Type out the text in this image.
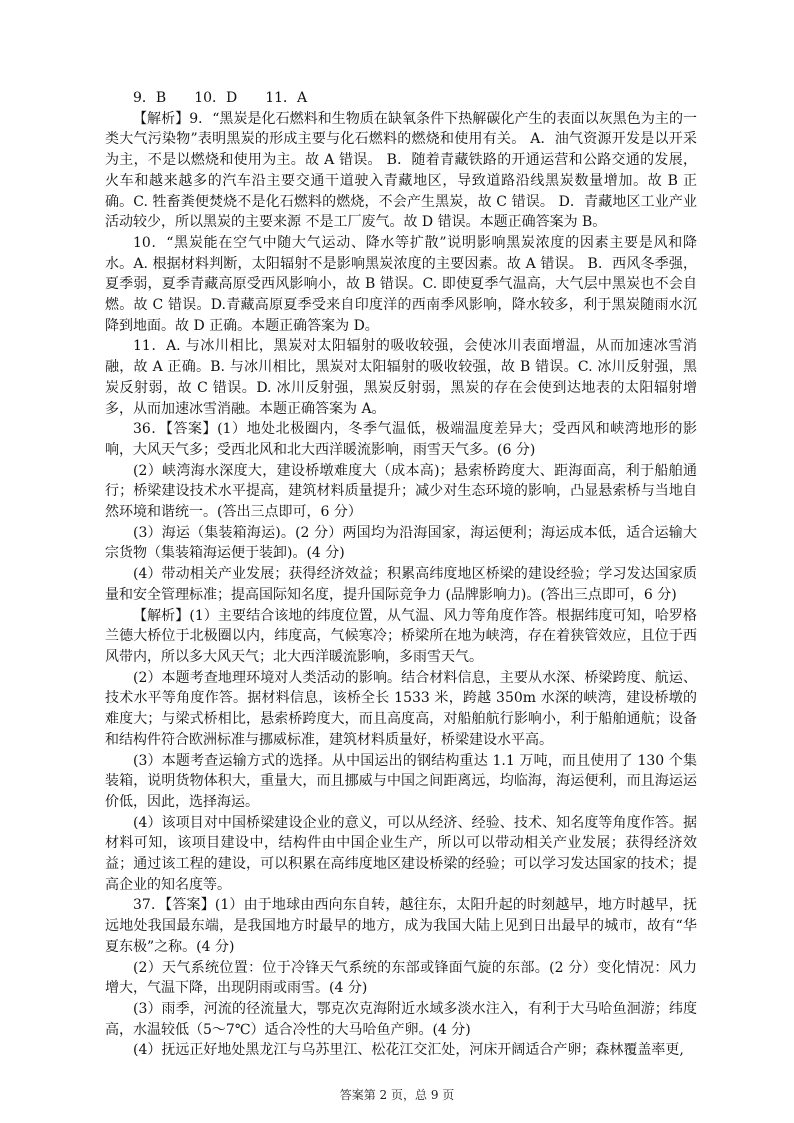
9．B　　10．D　　11．A

【解析】9．“黑炭是化石燃料和生物质在缺氧条件下热解碳化产生的表面以灰黑色为主的一类大气污染物”表明黑炭的形成主要与化石燃料的燃烧和使用有关。 A．油气资源开发是以开采为主，不是以燃烧和使用为主。故 A 错误。 B．随着青藏铁路的开通运营和公路交通的发展，火车和越来越多的汽车沿主要交通干道驶入青藏地区，导致道路沿线黑炭数量增加。故 B 正确。C. 牲畜粪便焚烧不是化石燃料的燃烧，不会产生黑炭，故 C 错误。 D．青藏地区工业产业活动较少，所以黑炭的主要来源 不是工厂废气。故 D 错误。本题正确答案为 B。

10．“黑炭能在空气中随大气运动、降水等扩散”说明影响黑炭浓度的因素主要是风和降水。A. 根据材料判断，太阳辐射不是影响黑炭浓度的主要因素。故 A 错误。 B．西风冬季强，夏季弱，夏季青藏高原受西风影响小，故 B 错误。C. 即使夏季气温高，大气层中黑炭也不会自燃。故 C 错误。D.青藏高原夏季受来自印度洋的西南季风影响，降水较多，利于黑炭随雨水沉降到地面。故 D 正确。本题正确答案为 D。

11．A. 与冰川相比，黑炭对太阳辐射的吸收较强，会使冰川表面增温，从而加速冰雪消融，故 A 正确。B. 与冰川相比，黑炭对太阳辐射的吸收较强，故 B 错误。C. 冰川反射强，黑炭反射弱，故 C 错误。D. 冰川反射强，黑炭反射弱，黑炭的存在会使到达地表的太阳辐射增多，从而加速冰雪消融。本题正确答案为 A。

36．【答案】(1）地处北极圈内，冬季气温低，极端温度差异大；受西风和峡湾地形的影响，大风天气多；受西北风和北大西洋暖流影响，雨雪天气多。(6 分)

(2）峡湾海水深度大，建设桥墩难度大（成本高)；悬索桥跨度大、距海面高，利于船舶通行；桥梁建设技术水平提高，建筑材料质量提升；减少对生态环境的影响，凸显悬索桥与当地自然环境和谐统一。(答出三点即可，6 分）

(3）海运（集装箱海运)。(2 分）两国均为沿海国家，海运便利；海运成本低，适合运输大宗货物（集装箱海运便于装卸)。(4 分)

(4）带动相关产业发展；获得经济效益；积累高纬度地区桥梁的建设经验；学习发达国家质量和安全管理标准；提高国际知名度，提升国际竞争力 (品牌影响力)。(答出三点即可，6 分)

【解析】(1）主要结合该地的纬度位置，从气温、风力等角度作答。根据纬度可知，哈罗格兰德大桥位于北极圈以内，纬度高，气候寒冷；桥梁所在地为峡湾，存在着狭管效应，且位于西风带内，所以多大风天气；北大西洋暖流影响，多雨雪天气。

(2）本题考查地理环境对人类活动的影响。结合材料信息，主要从水深、桥梁跨度、航运、技术水平等角度作答。据材料信息，该桥全长 1533 米，跨越 350m 水深的峡湾，建设桥墩的难度大；与梁式桥相比，悬索桥跨度大，而且高度高，对船舶航行影响小，利于船舶通航；设备和结构件符合欧洲标准与挪威标准，建筑材料质量好，桥梁建设水平高。

(3）本题考查运输方式的选择。从中国运出的钢结构重达 1.1 万吨，而且使用了 130 个集装箱，说明货物体积大，重量大，而且挪威与中国之间距离远，均临海，海运便利，而且海运运价低，因此，选择海运。

(4）该项目对中国桥梁建设企业的意义，可以从经济、经验、技术、知名度等角度作答。据材料可知，该项目建设中，结构件由中国企业生产，所以可以带动相关产业发展；获得经济效益；通过该工程的建设，可以积累在高纬度地区建设桥梁的经验；可以学习发达国家的技术；提高企业的知名度等。

37．【答案】(1）由于地球由西向东自转，越往东，太阳升起的时刻越早，地方时越早，抚远地处我国最东端，是我国地方时最早的地方，成为我国大陆上见到日出最早的城市，故有“华夏东极”之称。(4 分)

(2）天气系统位置：位于冷锋天气系统的东部或锋面气旋的东部。(2 分）变化情况：风力增大，气温下降，出现阴雨或雨雪。(4 分)

(3）雨季，河流的径流量大，鄂克次克海附近水域多淡水注入，有利于大马哈鱼洄游；纬度高，水温较低（5～7℃）适合冷性的大马哈鱼产卵。(4 分)

(4）抚远正好地处黑龙江与乌苏里江、松花江交汇处，河床开阔适合产卵；森林覆盖率更,

答案第 2 页，总 9 页
